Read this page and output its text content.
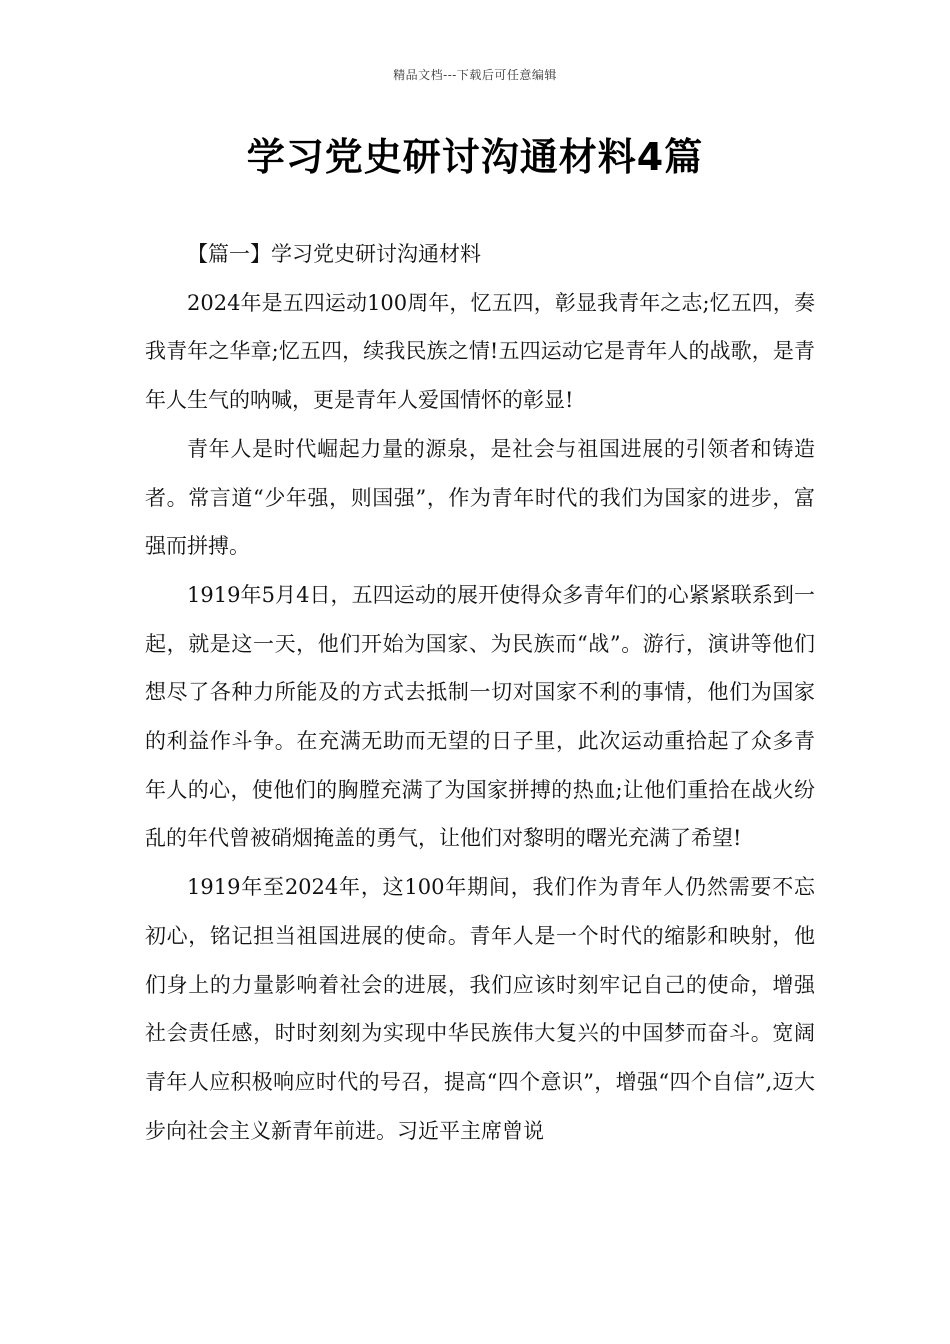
精品文档---下载后可任意编辑
学习党史研讨沟通材料4篇

【篇一】学习党史研讨沟通材料

2024年是五四运动100周年，忆五四，彰显我青年之志;忆五四，奏我青年之华章;忆五四，续我民族之情!五四运动它是青年人的战歌，是青年人生气的呐喊，更是青年人爱国情怀的彰显!

青年人是时代崛起力量的源泉，是社会与祖国进展的引领者和铸造者。常言道“少年强，则国强”，作为青年时代的我们为国家的进步，富强而拼搏。

1919年5月4日，五四运动的展开使得众多青年们的心紧紧联系到一起，就是这一天，他们开始为国家、为民族而“战”。游行，演讲等他们想尽了各种力所能及的方式去抵制一切对国家不利的事情，他们为国家的利益作斗争。在充满无助而无望的日子里，此次运动重拾起了众多青年人的心，使他们的胸膛充满了为国家拼搏的热血;让他们重拾在战火纷乱的年代曾被硝烟掩盖的勇气，让他们对黎明的曙光充满了希望!

1919年至2024年，这100年期间，我们作为青年人仍然需要不忘初心，铭记担当祖国进展的使命。青年人是一个时代的缩影和映射，他们身上的力量影响着社会的进展，我们应该时刻牢记自己的使命，增强社会责任感，时时刻刻为实现中华民族伟大复兴的中国梦而奋斗。宽阔青年人应积极响应时代的号召，提高“四个意识”，增强“四个自信”,迈大步向社会主义新青年前进。习近平主席曾说
